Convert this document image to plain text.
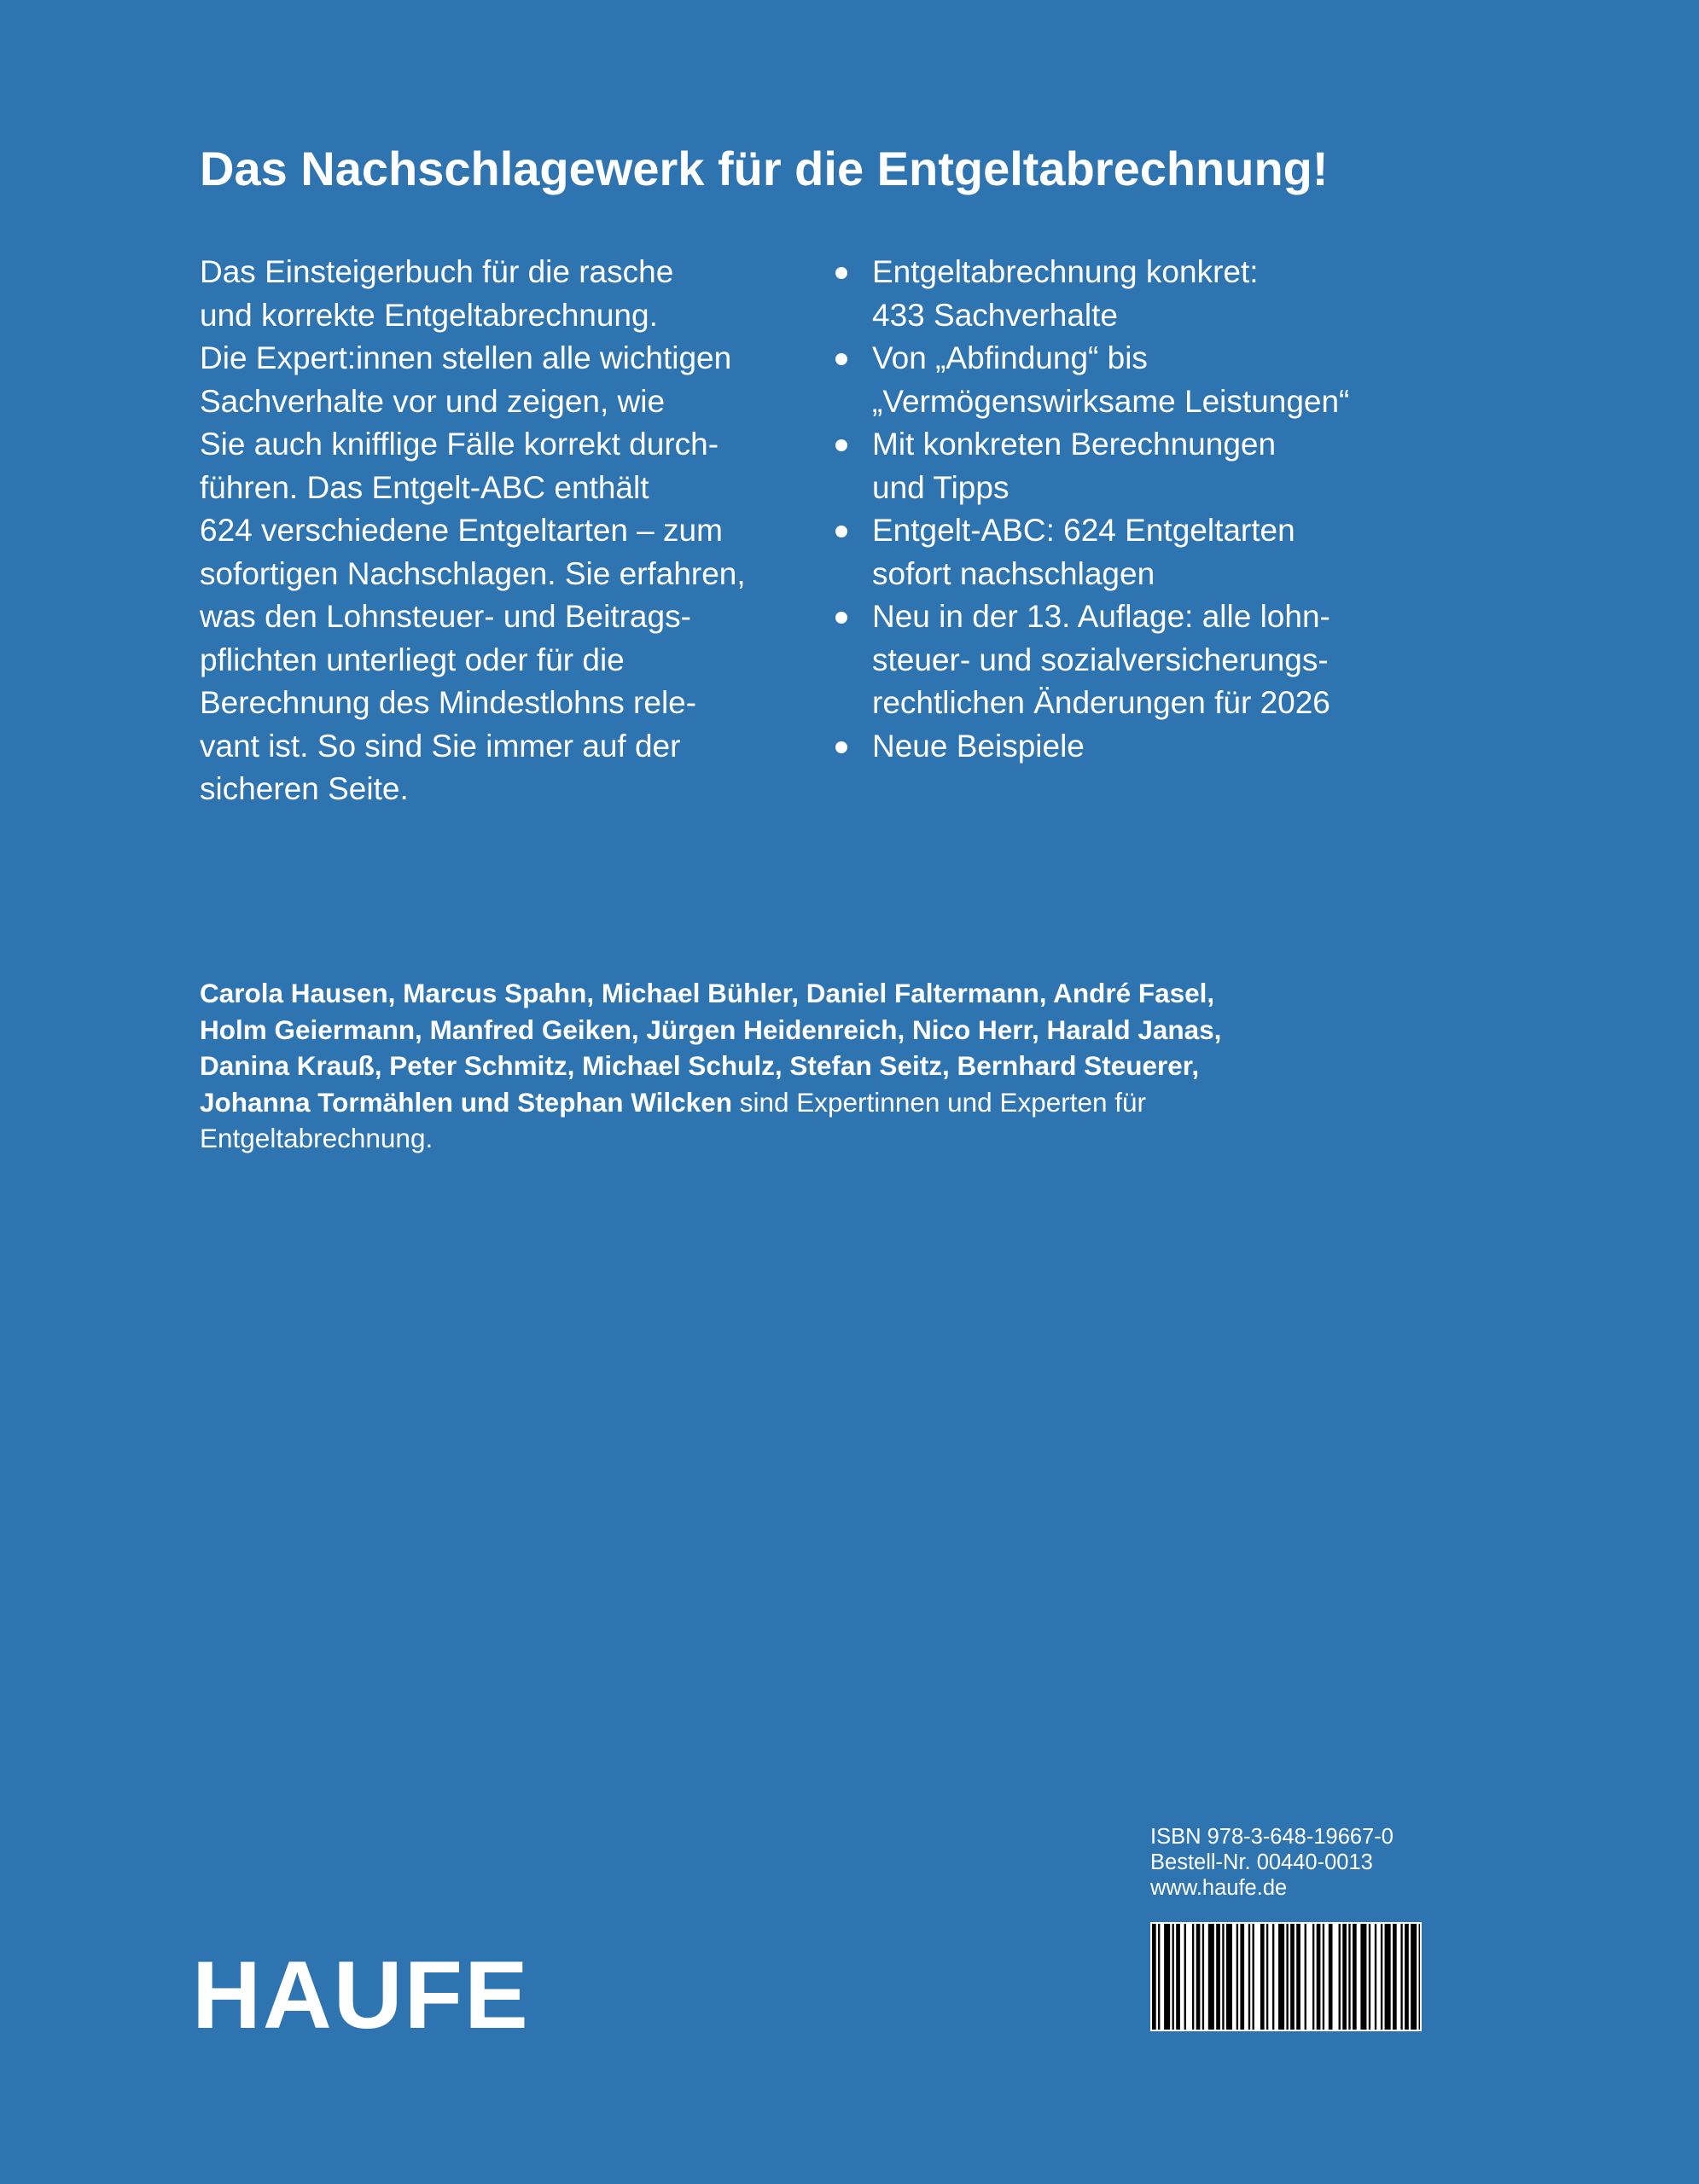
Das Nachschlagewerk für die Entgeltabrechnung!

Das Einsteigerbuch für die rasche
und korrekte Entgeltabrechnung.
Die Expert:innen stellen alle wichtigen
Sachverhalte vor und zeigen, wie
Sie auch knifflige Fälle korrekt durch-
führen. Das Entgelt-ABC enthält
624 verschiedene Entgeltarten – zum
sofortigen Nachschlagen. Sie erfahren,
was den Lohnsteuer- und Beitrags-
pflichten unterliegt oder für die
Berechnung des Mindestlohns rele-
vant ist. So sind Sie immer auf der
sicheren Seite.

Entgeltabrechnung konkret:
433 Sachverhalte
Von „Abfindung“ bis
„Vermögenswirksame Leistungen“
Mit konkreten Berechnungen
und Tipps
Entgelt-ABC: 624 Entgeltarten
sofort nachschlagen
Neu in der 13. Auflage: alle lohn-
steuer- und sozialversicherungs-
rechtlichen Änderungen für 2026
Neue Beispiele

Carola Hausen, Marcus Spahn, Michael Bühler, Daniel Faltermann, André Fasel,
Holm Geiermann, Manfred Geiken, Jürgen Heidenreich, Nico Herr, Harald Janas,
Danina Krauß, Peter Schmitz, Michael Schulz, Stefan Seitz, Bernhard Steuerer,
Johanna Tormählen und Stephan Wilcken sind Expertinnen und Experten für
Entgeltabrechnung.

ISBN 978-3-648-19667-0
Bestell-Nr. 00440-0013
www.haufe.de
HAUFE
